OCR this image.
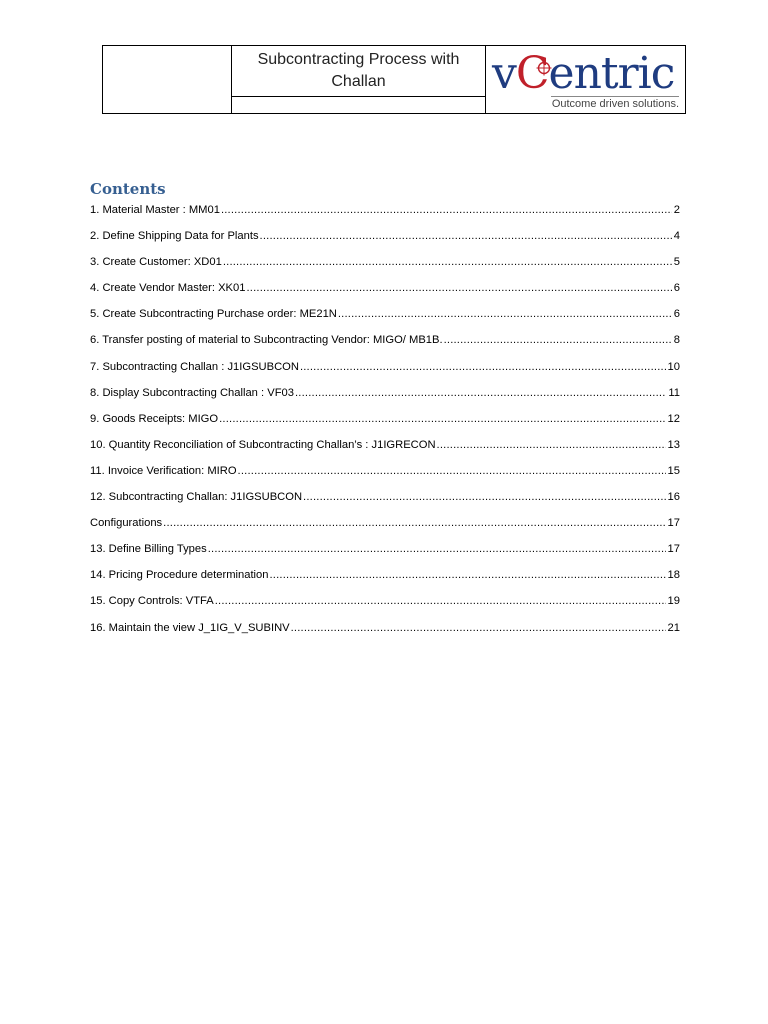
Subcontracting Process with
Challan v C entric
Outcome driven solutions.
Contents
1. Material Master : MM01 .....	2
2. Define Shipping Data for Plants .....	4
3. Create Customer: XD01 .....	5
4. Create Vendor Master: XK01 .....	6
5. Create Subcontracting Purchase order: ME21N .....	6
6. Transfer posting of material to Subcontracting Vendor: MIGO/ MB1B. .....	8
7. Subcontracting Challan : J1IGSUBCON .....	10
8. Display Subcontracting Challan : VF03 .....	11
9. Goods Receipts: MIGO .....	12
10. Quantity Reconciliation of Subcontracting Challan’s : J1IGRECON .....	13
11. Invoice Verification: MIRO .....	15
12. Subcontracting Challan: J1IGSUBCON .....	16
Configurations .....	17
13. Define Billing Types .....	17
14. Pricing Procedure determination .....	18
15. Copy Controls: VTFA .....	19
16. Maintain the view J_1IG_V_SUBINV .....	21
